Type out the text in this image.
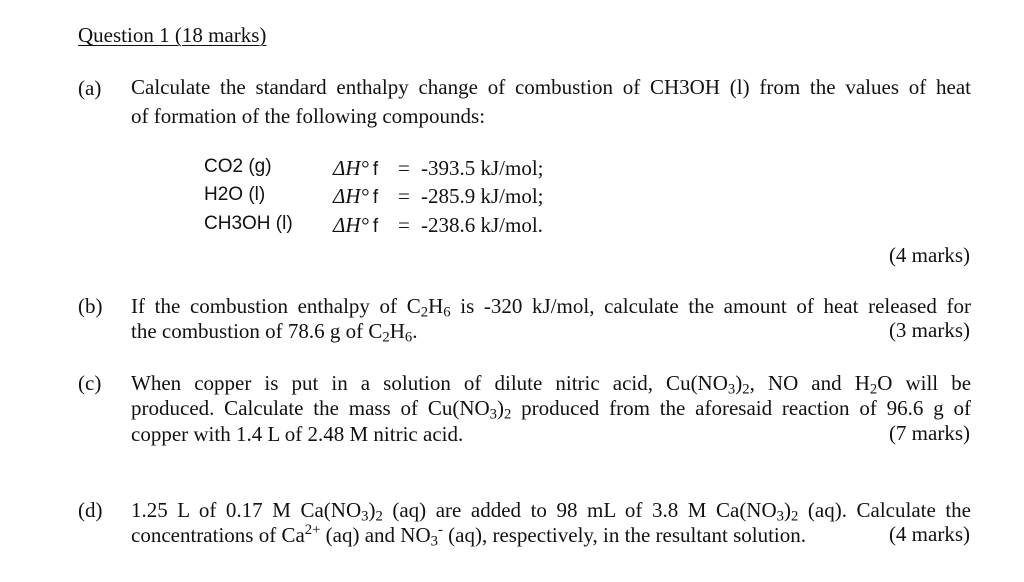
Question 1 (18 marks)
(a) Calculate the standard enthalpy change of combustion of CH3OH (l) from the values of heat
of formation of the following compounds:
CO2 (g)	ΔH° f = -393.5 kJ/mol;
H2O (l)	ΔH° f = -285.9 kJ/mol;
CH3OH (l) ΔH° f = -238.6 kJ/mol.
(4 marks)
(b) If the combustion enthalpy of $C_2H_6$ is -320 kJ/mol, calculate the amount of heat released for
the combustion of 78.6 g of $C_2H_6$.	(3 marks)
(c) When copper is put in a solution of dilute nitric acid, $Cu(NO_3)_2$, NO and $H_2O$ will be
produced. Calculate the mass of $Cu(NO_3)_2$ produced from the aforesaid reaction of 96.6 g of
copper with 1.4 L of 2.48 M nitric acid.	(7 marks)
(d) 1.25 L of 0.17 M $Ca(NO_3)_2$ (aq) are added to 98 mL of 3.8 M $Ca(NO_3)_2$ (aq). Calculate the
concentrations of $Ca^{2+}$ (aq) and $NO_3^-$ (aq), respectively, in the resultant solution.	(4 marks)
